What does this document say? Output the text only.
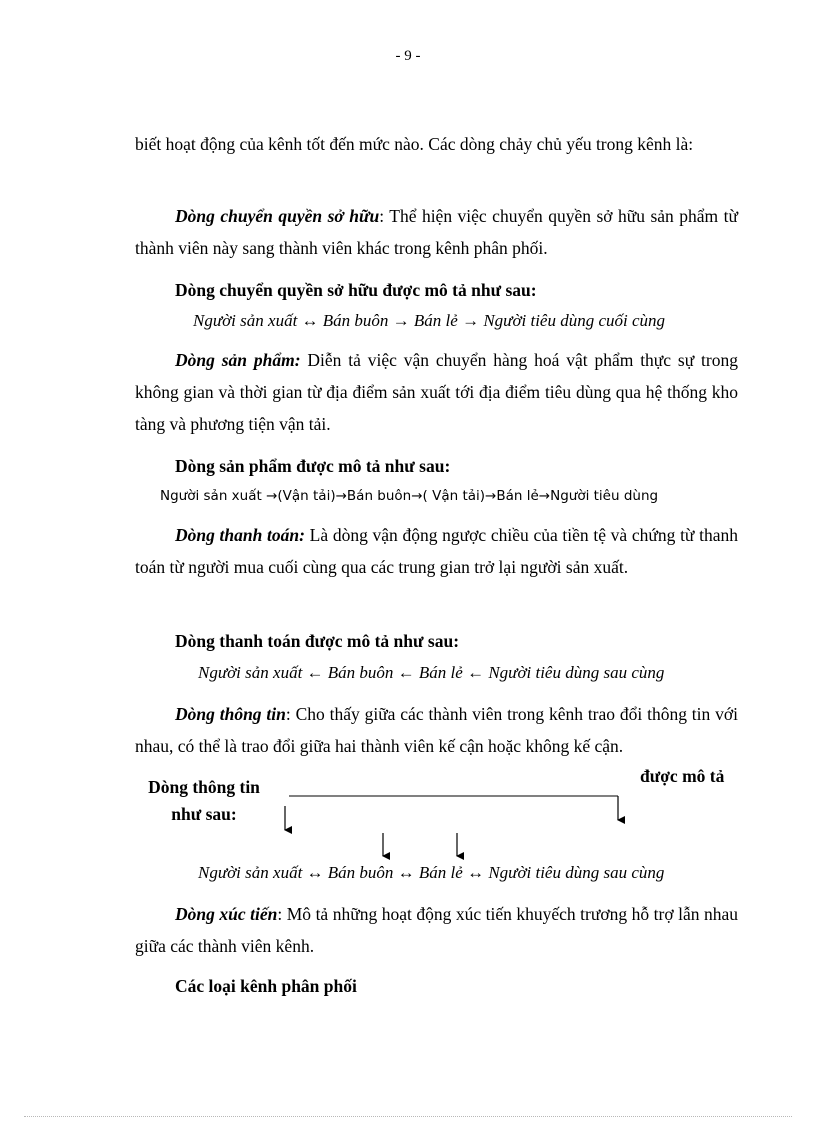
- 9 -

biết hoạt động của kênh tốt đến mức nào. Các dòng chảy chủ yếu trong kênh là:

Dòng chuyển quyền sở hữu: Thể hiện việc chuyển quyền sở hữu sản phẩm từ thành viên này sang thành viên khác trong kênh phân phối.

Dòng chuyển quyền sở hữu được mô tả như sau:
Người sản xuất ↔ Bán buôn → Bán lẻ → Người tiêu dùng cuối cùng

Dòng sản phẩm: Diễn tả việc vận chuyển hàng hoá vật phẩm thực sự trong không gian và thời gian từ địa điểm sản xuất tới địa điểm tiêu dùng qua hệ thống kho tàng và phương tiện vận tải.

Dòng sản phẩm được mô tả như sau:
Người sản xuất →(Vận tải)→Bán buôn→( Vận tải)→Bán lẻ→Người tiêu dùng

Dòng thanh toán: Là dòng vận động ngược chiều của tiền tệ và chứng từ thanh toán từ người mua cuối cùng qua các trung gian trở lại người sản xuất.

Dòng thanh toán được mô tả như sau:
Người sản xuất ← Bán buôn ← Bán lẻ ← Người tiêu dùng sau cùng

Dòng thông tin: Cho thấy giữa các thành viên trong kênh trao đổi thông tin với nhau, có thể là trao đổi giữa hai thành viên kế cận hoặc không kế cận.

Dòng thông tin như sau:
được mô tả
Người sản xuất ↔ Bán buôn ↔ Bán lẻ ↔ Người tiêu dùng sau cùng

Dòng xúc tiến: Mô tả những hoạt động xúc tiến khuyếch trương hỗ trợ lẫn nhau giữa các thành viên kênh.

Các loại kênh phân phối
